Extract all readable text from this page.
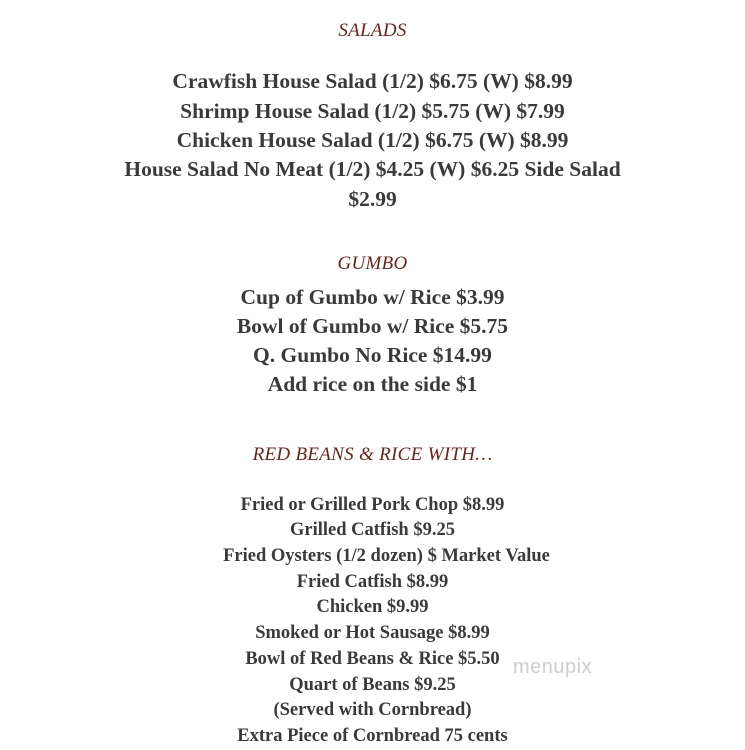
SALADS
Crawfish House Salad (1/2) $6.75 (W) $8.99
Shrimp House Salad (1/2) $5.75 (W) $7.99
Chicken House Salad (1/2) $6.75 (W) $8.99
House Salad No Meat (1/2) $4.25 (W) $6.25 Side Salad
$2.99
GUMBO
Cup of Gumbo w/ Rice $3.99
Bowl of Gumbo w/ Rice $5.75
Q. Gumbo No Rice $14.99
Add rice on the side $1
RED BEANS & RICE WITH…
Fried or Grilled Pork Chop $8.99
Grilled Catfish $9.25
Fried Oysters (1/2 dozen) $ Market Value
Fried Catfish $8.99
Chicken $9.99
Smoked or Hot Sausage $8.99
Bowl of Red Beans & Rice $5.50
Quart of Beans $9.25
(Served with Cornbread)
Extra Piece of Cornbread 75 cents
menupix
